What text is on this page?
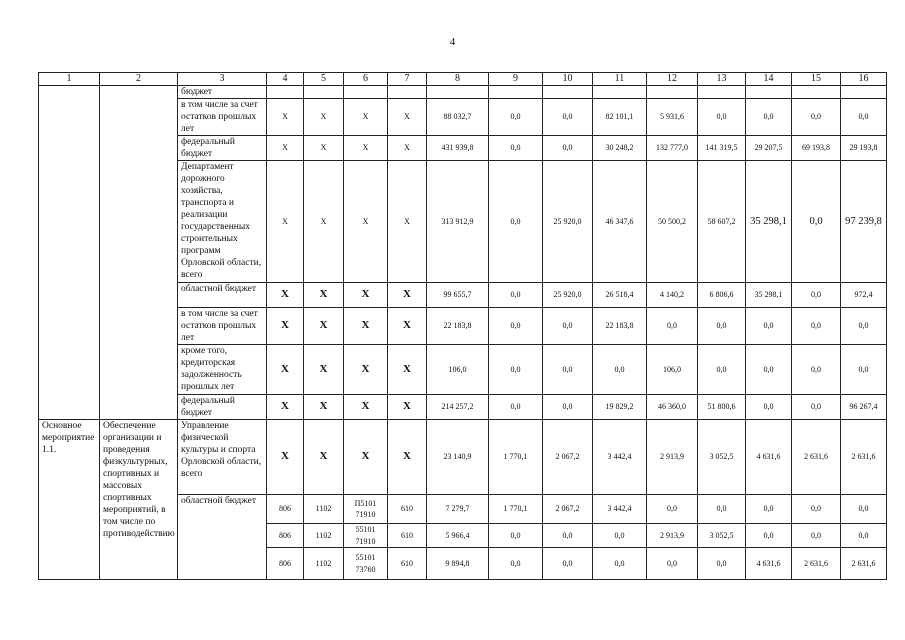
4
1	2	3	4	5	6	7	8	9	10	11	12	13	14	15	16
		бюджет													
		в том числе за счет остатков прошлых лет	X	X	X	X	88 032,7	0,0	0,0	82 101,1	5 931,6	0,0	0,0	0,0	0,0
		федеральный бюджет	X	X	X	X	431 939,8	0,0	0,0	30 248,2	132 777,0	141 319,5	29 207,5	69 193,8	29 193,8
		Департамент дорожного хозяйства, транспорта и реализации государственных строительных программ Орловской области, всего	X	X	X	X	313 912,9	0,0	25 920,0	46 347,6	50 500,2	58 607,2	35 298,1	0,0	97 239,8
		областной бюджет	X	X	X	X	99 655,7	0,0	25 920,0	26 518,4	4 140,2	6 806,6	35 298,1	0,0	972,4
		в том числе за счет остатков прошлых лет	X	X	X	X	22 183,8	0,0	0,0	22 183,8	0,0	0,0	0,0	0,0	0,0
		кроме того, кредиторская задолженность прошлых лет	X	X	X	X	106,0	0,0	0,0	0,0	106,0	0,0	0,0	0,0	0,0
		федеральный бюджет	X	X	X	X	214 257,2	0,0	0,0	19 829,2	46 360,0	51 800,6	0,0	0,0	96 267,4
Основное мероприятие 1.1.	Обеспечение организации и проведения физкультурных, спортивных и массовых спортивных мероприятий, в том числе по противодействию	Управление физической культуры и спорта Орловской области, всего	X	X	X	X	23 140,9	1 770,1	2 067,2	3 442,4	2 913,9	3 052,5	4 631,6	2 631,6	2 631,6
		областной бюджет	806	1102	П5101 71910	610	7 279,7	1 770,1	2 067,2	3 442,4	0,0	0,0	0,0	0,0	0,0
			806	1102	55101 71910	610	5 966,4	0,0	0,0	0,0	2 913,9	3 052,5	0,0	0,0	0,0
			806	1102	55101 73760	610	9 894,8	0,0	0,0	0,0	0,0	0,0	4 631,6	2 631,6	2 631,6
